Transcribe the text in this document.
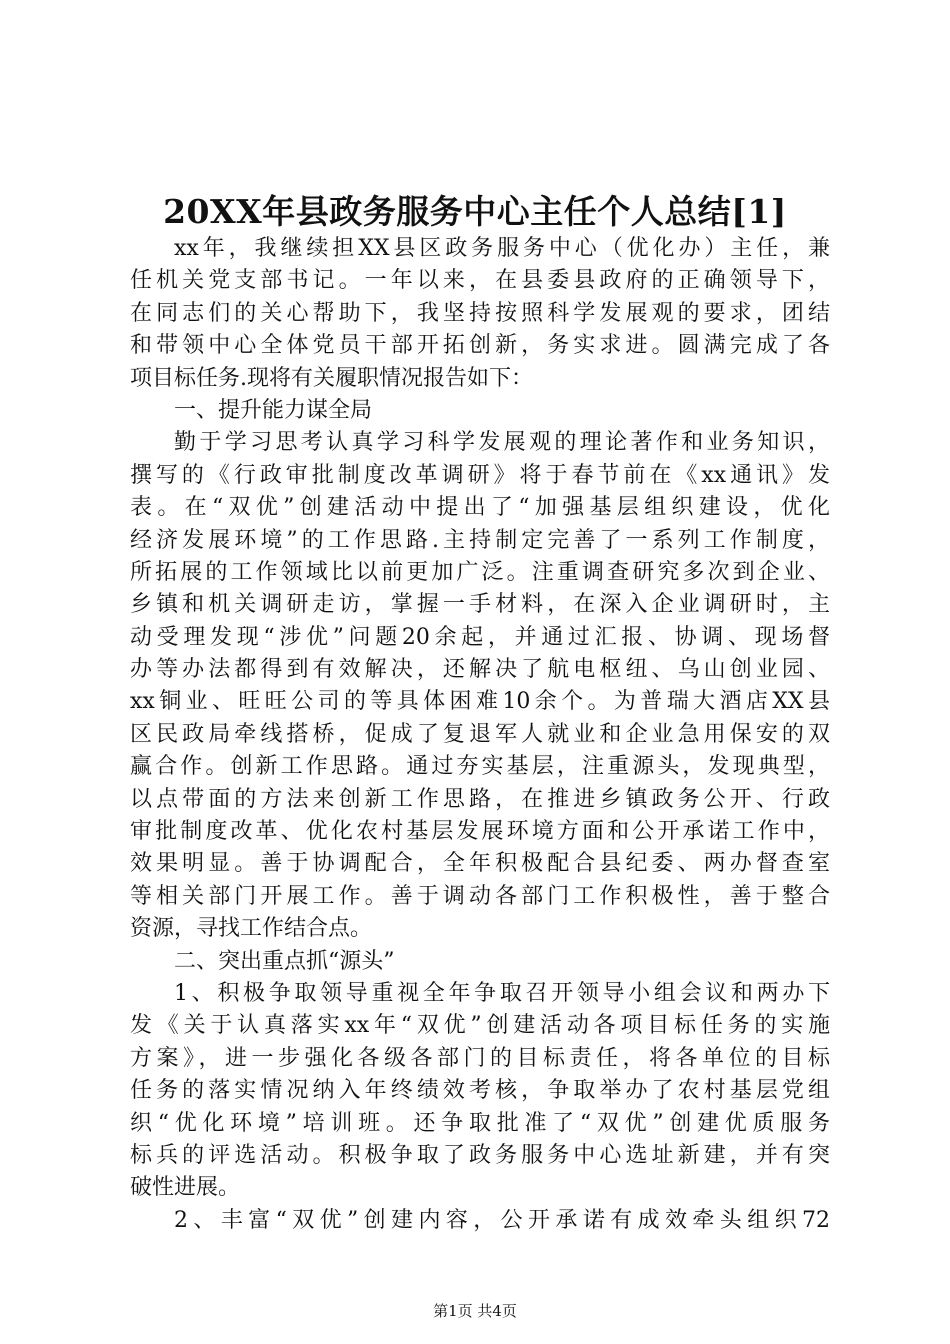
20XX年县政务服务中心主任个人总结[1]
xx年，我继续担XX县区政务服务中心（优化办）主任，兼
任机关党支部书记。一年以来，在县委县政府的正确领导下，
在同志们的关心帮助下，我坚持按照科学发展观的要求，团结
和带领中心全体党员干部开拓创新，务实求进。圆满完成了各
项目标任务.现将有关履职情况报告如下：
一、提升能力谋全局
勤于学习思考认真学习科学发展观的理论著作和业务知识，
撰写的《行政审批制度改革调研》将于春节前在《xx通讯》发
表。在“双优”创建活动中提出了“加强基层组织建设，优化
经济发展环境”的工作思路.主持制定完善了一系列工作制度，
所拓展的工作领域比以前更加广泛。注重调查研究多次到企业、
乡镇和机关调研走访，掌握一手材料，在深入企业调研时，主
动受理发现“涉优”问题20余起，并通过汇报、协调、现场督
办等办法都得到有效解决，还解决了航电枢纽、乌山创业园、
xx铜业、旺旺公司的等具体困难10余个。为普瑞大酒店XX县
区民政局牵线搭桥，促成了复退军人就业和企业急用保安的双
赢合作。创新工作思路。通过夯实基层，注重源头，发现典型，
以点带面的方法来创新工作思路，在推进乡镇政务公开、行政
审批制度改革、优化农村基层发展环境方面和公开承诺工作中，
效果明显。善于协调配合，全年积极配合县纪委、两办督查室
等相关部门开展工作。善于调动各部门工作积极性，善于整合
资源，寻找工作结合点。
二、突出重点抓“源头”
1、积极争取领导重视全年争取召开领导小组会议和两办下
发《关于认真落实xx年“双优”创建活动各项目标任务的实施
方案》，进一步强化各级各部门的目标责任，将各单位的目标
任务的落实情况纳入年终绩效考核，争取举办了农村基层党组
织“优化环境”培训班。还争取批准了“双优”创建优质服务
标兵的评选活动。积极争取了政务服务中心选址新建，并有突
破性进展。
2、丰富“双优”创建内容，公开承诺有成效牵头组织72
第1页 共4页
